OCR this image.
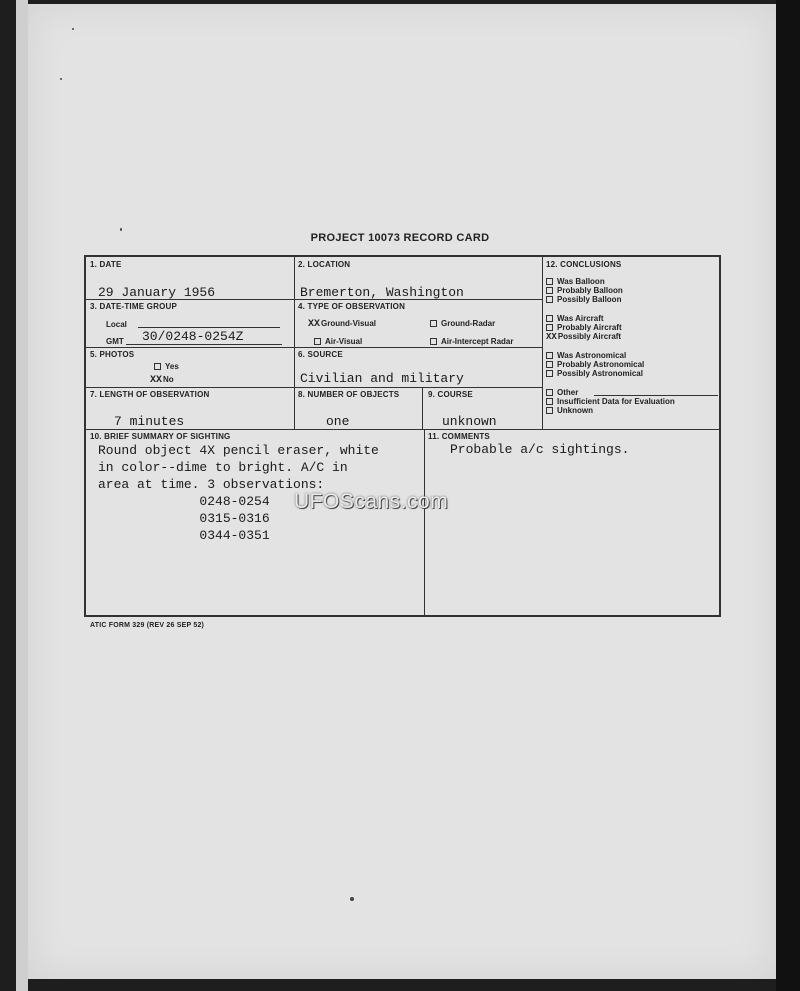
PROJECT 10073 RECORD CARD
1. DATE
29 January 1956
2. LOCATION
Bremerton, Washington
3. DATE-TIME GROUP
Local
GMT 30/0248-0254Z
4. TYPE OF OBSERVATION
XXGround-Visual	Ground-Radar
Air-Visual	Air-Intercept Radar
5. PHOTOS
Yes
XXNo
6. SOURCE
Civilian and military
7. LENGTH OF OBSERVATION
7 minutes
8. NUMBER OF OBJECTS
one
9. COURSE
unknown
12. CONCLUSIONS
Was Balloon
Probably Balloon
Possibly Balloon
Was Aircraft
Probably Aircraft
XXPossibly Aircraft
Was Astronomical
Probably Astronomical
Possibly Astronomical
Other
Insufficient Data for Evaluation
Unknown
10. BRIEF SUMMARY OF SIGHTING
Round object 4X pencil eraser, white
in color--dime to bright. A/C in
area at time. 3 observations:
0248-0254
0315-0316
0344-0351
11. COMMENTS
Probable a/c sightings.
UFOScans.com
ATIC FORM 329 (REV 26 SEP 52)
